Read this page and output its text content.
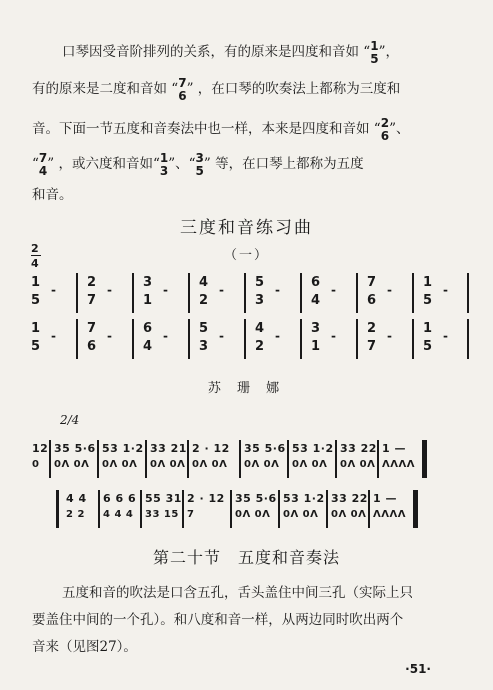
口琴因受音阶排列的关系，有的原来是四度和音如 “ 1
5 ”，
有的原来是二度和音如 “ 7
6 ” ，在口琴的吹奏法上都称为三度和
音。下面一节五度和音奏法中也一样，本来是四度和音如 “ 2
6 ”、
“ 7
4 ” ，或六度和音如“ 1
3 ”、“ 3
5 ” 等，在口琴上都称为五度
和音。
三度和音练习曲
（一）
2
4
1
5
- 2
7
- 3
1
- 4
2
- 5
3
- 6
4
- 7
6
- 1
5
-
1
5
- 7
6
- 6
4
- 5
3
- 4
2
- 3
1
- 2
7
- 1
5
-
苏 珊 娜
2/4
12
0
35 5·6
0Λ 0Λ
53 1·2
0Λ 0Λ
33 21
0Λ 0Λ
2 · 12
0Λ 0Λ
35 5·6
0Λ 0Λ
53 1·2
0Λ 0Λ
33 22
0Λ 0Λ
1 —
ΛΛΛΛ
4 4
2 2
6 6 6
4 4 4
55 31
33 15
2 · 12
7
35 5·6
0Λ 0Λ
53 1·2
0Λ 0Λ
33 22
0Λ 0Λ
1 —
ΛΛΛΛ
第二十节　五度和音奏法
五度和音的吹法是口含五孔，舌头盖住中间三孔（实际上只
要盖住中间的一个孔）。和八度和音一样，从两边同时吹出两个
音来（见图27）。
·51·
